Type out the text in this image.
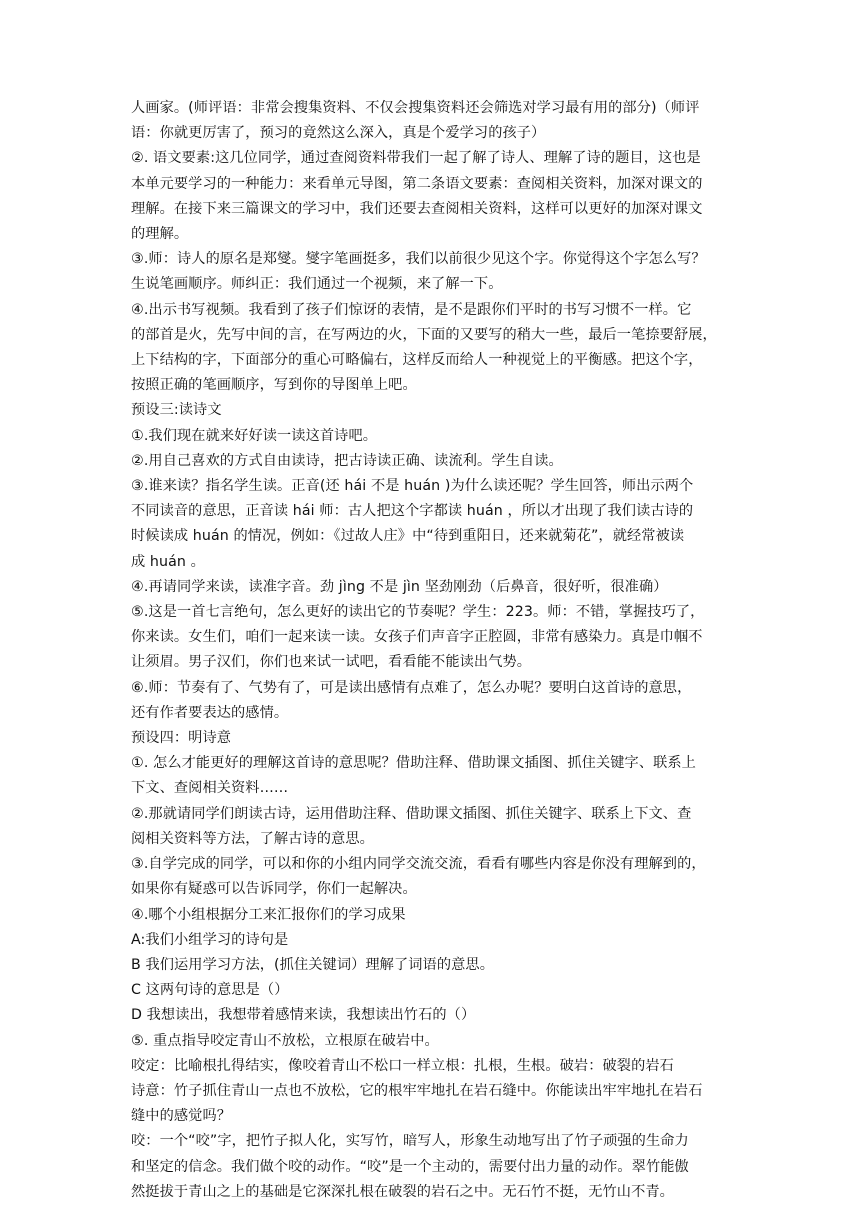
人画家。(师评语：非常会搜集资料、不仅会搜集资料还会筛选对学习最有用的部分)（师评

语：你就更厉害了，预习的竟然这么深入，真是个爱学习的孩子）

②. 语文要素:这几位同学，通过查阅资料带我们一起了解了诗人、理解了诗的题目，这也是

本单元要学习的一种能力：来看单元导图，第二条语文要素：查阅相关资料，加深对课文的

理解。在接下来三篇课文的学习中，我们还要去查阅相关资料，这样可以更好的加深对课文

的理解。

③.师：诗人的原名是郑燮。燮字笔画挺多，我们以前很少见这个字。你觉得这个字怎么写？

生说笔画顺序。师纠正：我们通过一个视频，来了解一下。

④.出示书写视频。我看到了孩子们惊讶的表情，是不是跟你们平时的书写习惯不一样。它

的部首是火，先写中间的言，在写两边的火，下面的又要写的稍大一些，最后一笔捺要舒展，

上下结构的字，下面部分的重心可略偏右，这样反而给人一种视觉上的平衡感。把这个字，

按照正确的笔画顺序，写到你的导图单上吧。

预设三:读诗文

①.我们现在就来好好读一读这首诗吧。

②.用自己喜欢的方式自由读诗，把古诗读正确、读流利。学生自读。

③.谁来读？指名学生读。正音(还 hái 不是 huán )为什么读还呢？学生回答，师出示两个

不同读音的意思，正音读 hái 师：古人把这个字都读 huán ，所以才出现了我们读古诗的

时候读成 huán 的情况，例如：《过故人庄》中“待到重阳日，还来就菊花”，就经常被读

成 huán 。

④.再请同学来读，读准字音。劲 jìng 不是 jìn 坚劲刚劲（后鼻音，很好听，很准确）

⑤.这是一首七言绝句，怎么更好的读出它的节奏呢？学生：223。师：不错，掌握技巧了，

你来读。女生们，咱们一起来读一读。女孩子们声音字正腔圆，非常有感染力。真是巾帼不

让须眉。男子汉们，你们也来试一试吧，看看能不能读出气势。

⑥.师：节奏有了、气势有了，可是读出感情有点难了，怎么办呢？要明白这首诗的意思，

还有作者要表达的感情。

预设四：明诗意

①. 怎么才能更好的理解这首诗的意思呢？借助注释、借助课文插图、抓住关键字、联系上

下文、查阅相关资料……

②.那就请同学们朗读古诗，运用借助注释、借助课文插图、抓住关键字、联系上下文、查

阅相关资料等方法，了解古诗的意思。

③.自学完成的同学，可以和你的小组内同学交流交流，看看有哪些内容是你没有理解到的，

如果你有疑惑可以告诉同学，你们一起解决。

④.哪个小组根据分工来汇报你们的学习成果

A:我们小组学习的诗句是

B 我们运用学习方法，(抓住关键词）理解了词语的意思。

C 这两句诗的意思是（）

D 我想读出，我想带着感情来读，我想读出竹石的（）

⑤. 重点指导咬定青山不放松，立根原在破岩中。

咬定：比喻根扎得结实，像咬着青山不松口一样立根：扎根，生根。破岩：破裂的岩石

诗意：竹子抓住青山一点也不放松，它的根牢牢地扎在岩石缝中。你能读出牢牢地扎在岩石

缝中的感觉吗？

咬：一个“咬”字，把竹子拟人化，实写竹，暗写人，形象生动地写出了竹子顽强的生命力

和坚定的信念。我们做个咬的动作。“咬”是一个主动的，需要付出力量的动作。翠竹能傲

然挺拔于青山之上的基础是它深深扎根在破裂的岩石之中。无石竹不挺，无竹山不青。
